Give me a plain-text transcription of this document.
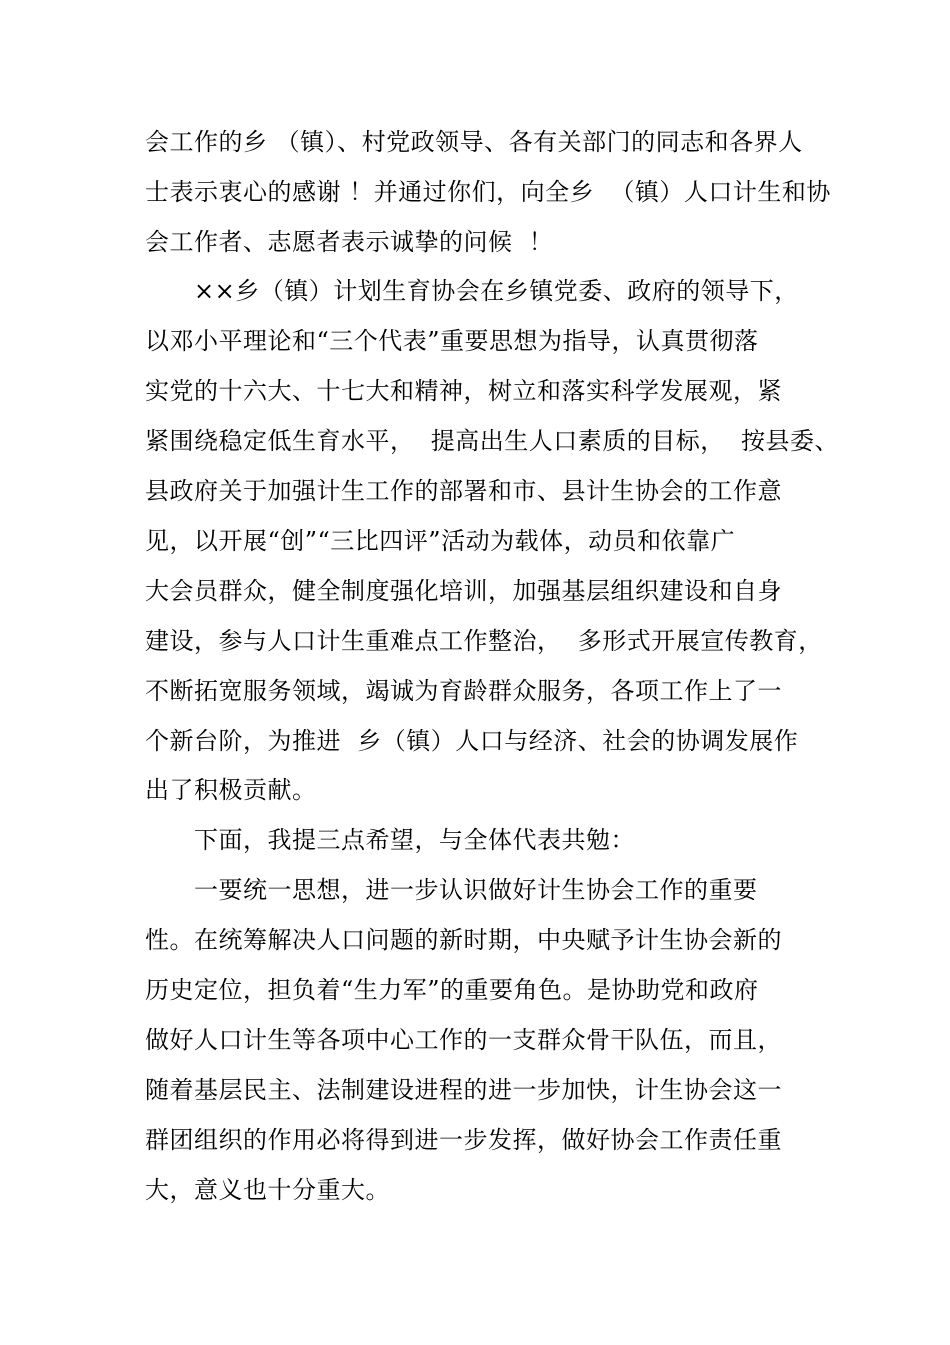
会工作的乡 （镇）、村党政领导、各有关部门的同志和各界人
士表示衷心的感谢 ！并通过你们，向全乡  （镇）人口计生和协
会工作者、志愿者表示诚挚的问候  ！
××乡（镇）计划生育协会在乡镇党委、政府的领导下，
以邓小平理论和“三个代表”重要思想为指导，认真贯彻落
实党的十六大、十七大和精神，树立和落实科学发展观，紧
紧围绕稳定低生育水平，  提高出生人口素质的目标，  按县委、
县政府关于加强计生工作的部署和市、县计生协会的工作意
见，以开展“创”“三比四评”活动为载体，动员和依靠广
大会员群众，健全制度强化培训，加强基层组织建设和自身
建设，参与人口计生重难点工作整治，  多形式开展宣传教育，
不断拓宽服务领域，竭诚为育龄群众服务，各项工作上了一
个新台阶，为推进  乡（镇）人口与经济、社会的协调发展作
出了积极贡献。
下面，我提三点希望，与全体代表共勉：
一要统一思想，进一步认识做好计生协会工作的重要
性。在统筹解决人口问题的新时期，中央赋予计生协会新的
历史定位，担负着“生力军”的重要角色。是协助党和政府
做好人口计生等各项中心工作的一支群众骨干队伍，而且，
随着基层民主、法制建设进程的进一步加快，计生协会这一
群团组织的作用必将得到进一步发挥，做好协会工作责任重
大，意义也十分重大。
